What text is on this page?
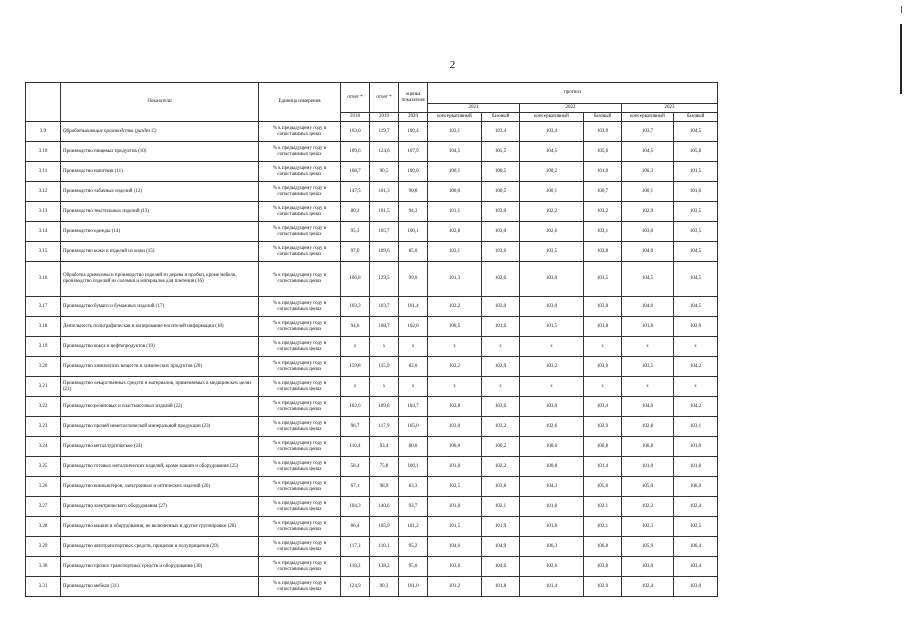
2
	Показатели	Единица измерения	отчет *	отчет *	оценка показателя	прогноз					
						2021		2022		2023	
			2018	2019	2020	консервативный	базовый	консервативный	базовый	консервативный	базовый
3.9	Обрабатывающие производства (раздел С)	% к предыдущему году в сопоставимых ценах	103,0	119,7	100,4	103,1	103,4	103,4	103,9	103,7	104,5
3.10	Производство пищевых продуктов (10)	% к предыдущему году в сопоставимых ценах	109,6	124,6	107,9	104,5	105,5	104,5	105,6	104,5	105,8
3.11	Производство напитков (11)	% к предыдущему году в сопоставимых ценах	108,7	90,5	100,0	100,1	100,5	100,2	101,0	100,3	101,5
3.12	Производство табачных изделий (12)	% к предыдущему году в сопоставимых ценах	147,5	101,3	90,0	100,0	100,5	100,1	100,7	100,1	101,0
3.13	Производство текстильных изделий (13)	% к предыдущему году в сопоставимых ценах	80,2	101,5	94,3	101,1	103,0	102,2	103,2	102,9	103,5
3.14	Производство одежды (14)	% к предыдущему году в сопоставимых ценах	95,3	105,7	100,1	102,8	103,0	102,6	103,1	103,0	103,5
3.15	Производство кожи и изделий из кожи (15)	% к предыдущему году в сопоставимых ценах	97,0	109,6	85,0	103,1	103,6	103,5	103,8	104,0	104,5
3.16	Обработка древесины и производство изделий из дерева и пробки, кроме мебели, производство изделий из соломки и материалов для плетения (16)	% к предыдущему году в сопоставимых ценах	106,8	129,5	99,0	101,3	102,0	103,0	103,5	104,5	104,5
3.17	Производство бумаги и бумажных изделий (17)	% к предыдущему году в сопоставимых ценах	103,3	103,7	101,4	102,2	103,0	103,0	103,8	104,0	104,5
3.18	Деятельность полиграфическая и копирование носителей информации (18)	% к предыдущему году в сопоставимых ценах	94,6	108,7	102,0	100,5	101,0	101,5	101,8	101,8	102,0
3.19	Производство кокса и нефтепродуктов (19)	% к предыдущему году в сопоставимых ценах	x	x	x	x	x	x	x	x	x
3.20	Производство химических веществ и химических продуктов (20)	% к предыдущему году в сопоставимых ценах	159,8	115,9	82,0	102,2	102,9	103,2	103,9	103,5	104,2
3.21	Производство лекарственных средств и материалов, применяемых в медицинских целях (21)	% к предыдущему году в сопоставимых ценах	x	x	x	x	x	x	x	x	x
3.22	Производство резиновых и пластмассовых изделий (22)	% к предыдущему году в сопоставимых ценах	102,6	109,8	104,7	102,8	103,0	103,0	103,4	104,0	104,2
3.23	Производство прочей неметаллической минеральной продукции (23)	% к предыдущему году в сопоставимых ценах	96,7	117,9	105,0	103,0	103,2	102,6	102,9	102,8	103,1
3.24	Производство металлургическое (24)	% к предыдущему году в сопоставимых ценах	110,4	93,4	80,0	100,0	100,2	100,6	100,8	100,8	101,0
3.25	Производство готовых металлических изделий, кроме машин и оборудования (25)	% к предыдущему году в сопоставимых ценах	58,4	75,8	100,1	101,8	102,2	100,8	101,4	101,0	101,8
3.26	Производство компьютеров, электронных и оптических изделий (26)	% к предыдущему году в сопоставимых ценах	67,1	98,9	83,3	102,5	103,8	104,3	105,0	105,0	106,0
3.27	Производство электрического оборудования (27)	% к предыдущему году в сопоставимых ценах	104,3	140,6	93,7	101,8	102,1	101,8	102,1	102,2	102,4
3.28	Производство машин и оборудования, не включенных в другие группировки (28)	% к предыдущему году в сопоставимых ценах	86,4	105,9	101,2	101,5	101,9	101,8	102,1	102,3	102,5
3.29	Производство автотранспортных средств, прицепов и полуприцепов (29)	% к предыдущему году в сопоставимых ценах	117,3	110,1	95,2	104,6	104,9	106,3	106,8	105,9	106,4
3.30	Производство прочих транспортных средств и оборудования (30)	% к предыдущему году в сопоставимых ценах	118,2	138,2	95,0	103,6	104,0	102,6	103,0	103,0	103,4
3.31	Производство мебели (31)	% к предыдущему году в сопоставимых ценах	124,9	90,3	101,0	101,2	101,8	101,4	102,0	102,4	103,0
